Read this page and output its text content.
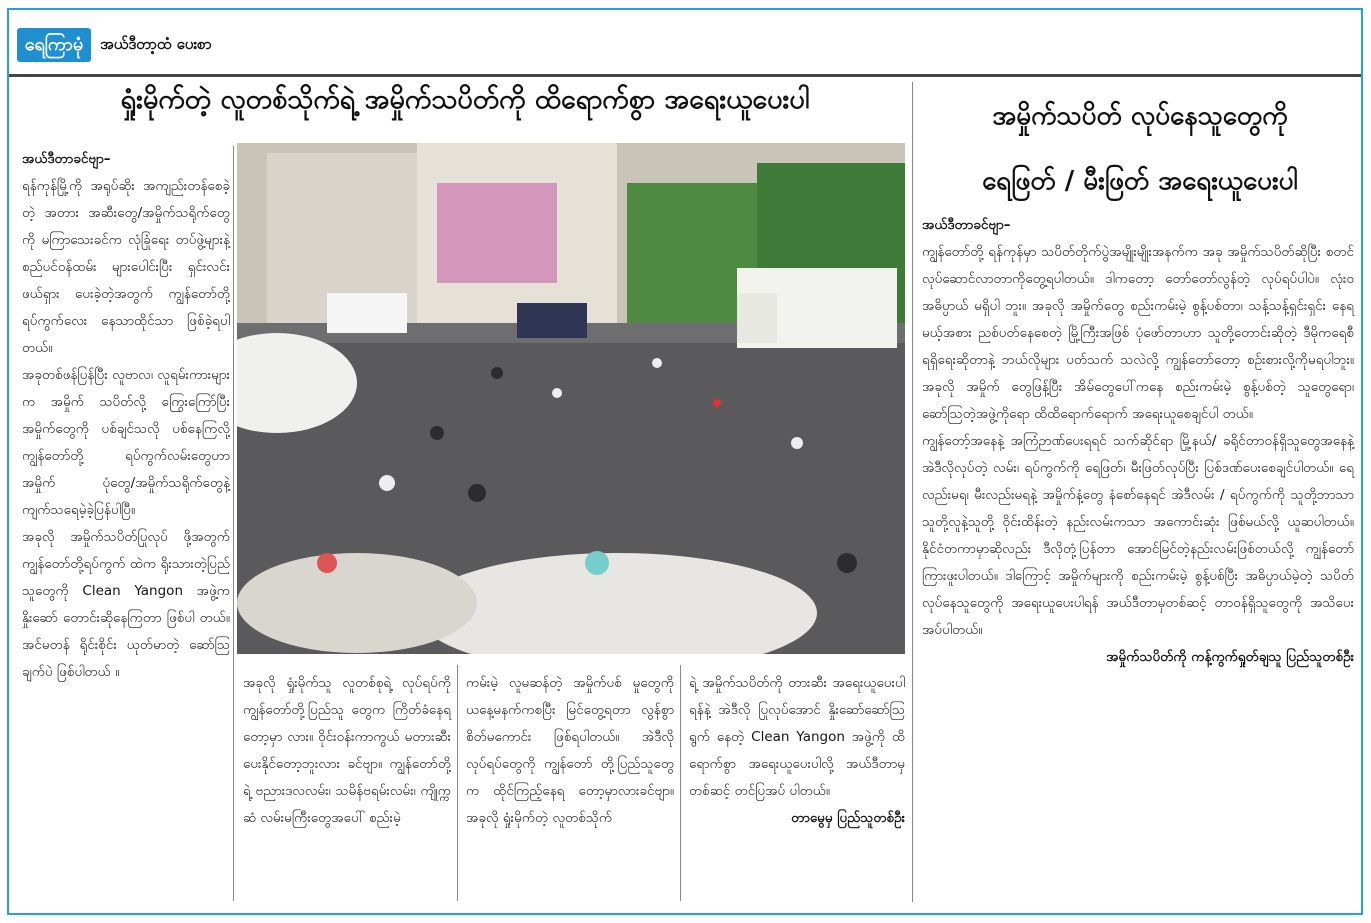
ရေကြာမုံ	အယ်ဒီတာ့ထံ ပေးစာ
ရှုံးမိုက်တဲ့ လူတစ်သိုက်ရဲ့ အမှိုက်သပိတ်ကို ထိရောက်စွာ အရေးယူပေးပါ

အယ်ဒီတာခင်ဗျာ–

ရန်ကုန်မြို့ကို အရုပ်ဆိုး အကျည်းတန်စေခဲ့တဲ့ အတား အဆီးတွေ/အမှိုက်သရိုက်တွေ ကို မကြာသေးခင်က လုံခြုံရေး တပ်ဖွဲ့များနဲ့ စည်ပင်ဝန်ထမ်း များပေါင်းပြီး ရှင်းလင်းဖယ်ရှား ပေးခဲ့တဲ့အတွက် ကျွန်တော်တို့ ရပ်ကွက်လေး နေသာထိုင်သာ ဖြစ်ခဲ့ရပါတယ်။

အခုတစ်ဖန်ပြန်ပြီး လူဗာလ၊ လူရမ်းကားများက အမှိုက် သပိတ်လို့ ကြွေးကြော်ပြီး အမှိုက်တွေကို ပစ်ချင်သလို ပစ်နေကြလို့ ကျွန်တော်တို့ ရပ်ကွက်လမ်းတွေဟာ အမှိုက် ပုံတွေ/အမှိုက်သရိုက်တွေနဲ့ ကျက်သရေမဲ့ခဲ့ပြန်ပါပြီ။

အခုလို အမှိုက်သပိတ်ပြုလုပ် ဖို့အတွက် ကျွန်တော်တို့ရပ်ကွက် ထဲက ရိုးသားတဲ့ပြည်သူတွေကို Clean Yangon အဖွဲ့က နှိုးဆော် တောင်းဆိုနေကြတာ ဖြစ်ပါ တယ်။ အင်မတန် ရိုင်းစိုင်း ယုတ်မာတဲ့ ဆော်ဩချက်ပဲ ဖြစ်ပါတယ် ။

အခုလို ရှုံးမိုက်သူ လူတစ်စုရဲ့ လုပ်ရပ်ကို ကျွန်တော်တို့ပြည်သူ တွေက ကြိတ်ခံနေရတော့မှာ လား။ ဝိုင်းဝန်းကာကွယ် မတားဆီး ပေးနိုင်တော့ဘူးလား ခင်ဗျာ။ ကျွန်တော်တို့ရဲ့ ဗညားဒလလမ်း၊ သမိန်ဗရမ်းလမ်း၊ ကျိုက္ကဆံ လမ်းမကြီးတွေအပေါ် စည်းမဲ့

ကမ်းမဲ့ လူမဆန်တဲ့ အမှိုက်ပစ် မှုတွေကို ယနေ့မနက်ကစပြီး မြင်တွေ့ရတာ လွန်စွာ စိတ်မကောင်း ဖြစ်ရပါတယ်။ အဲဒီလို လုပ်ရပ်တွေကို ကျွန်တော် တို့ပြည်သူတွေက ထိုင်ကြည့်နေရ တော့မှာလားခင်ဗျာ။ အခုလို ရှုံးမိုက်တဲ့ လူတစ်သိုက်

ရဲ့ အမှိုက်သပိတ်ကို တားဆီး အရေးယူပေးပါရန်နဲ့ အဲဒီလို ပြုလုပ်အောင် နှိုးဆော်ဆော်ဩရွက် နေတဲ့ Clean Yangon အဖွဲ့ကို ထိရောက်စွာ အရေးယူပေးပါလို့ အယ်ဒီတာမှတစ်ဆင့် တင်ပြအပ် ပါတယ်။

တာမွေမှ ပြည်သူတစ်ဦး

အမှိုက်သပိတ် လုပ်နေသူတွေကို
ရေဖြတ် / မီးဖြတ် အရေးယူပေးပါ

အယ်ဒီတာခင်ဗျာ–

ကျွန်တော်တို့ ရန်ကုန်မှာ သပိတ်တိုက်ပွဲအမျိုးမျိုးအနက်က အခု အမှိုက်သပိတ်ဆိုပြီး စတင်လုပ်ဆောင်လာတာကိုတွေ့ရပါတယ်။ ဒါကတော့ တော်တော်လွန်တဲ့ လုပ်ရပ်ပါပဲ။ လုံးဝအဓိပ္ပာယ် မရှိပါ ဘူး။ အခုလို အမှိုက်တွေ စည်းကမ်းမဲ့ စွန့်ပစ်တာ၊ သန့်သန့်ရှင်းရှင်း နေရမယ့်အစား ညစ်ပတ်နေစေတဲ့ မြို့ကြီးအဖြစ် ပုံဖော်တာဟာ သူတို့တောင်းဆိုတဲ့ ဒီမိုကရေစီရရှိရေးဆိုတာနဲ့ ဘယ်လိုများ ပတ်သက် သလဲလို့ ကျွန်တော်တော့ စဉ်းစားလို့ကိုမရပါဘူး။ အခုလို အမှိုက် တွေဖြန့်ပြီး အိမ်တွေပေါ်ကနေ စည်းကမ်းမဲ့ စွန့်ပစ်တဲ့ သူတွေရော၊ ဆော်ဩတဲ့အဖွဲ့ကိုရော ထိထိရောက်ရောက် အရေးယူစေချင်ပါ တယ်။

ကျွန်တော့်အနေနဲ့ အကြံဉာဏ်ပေးရရင် သက်ဆိုင်ရာ မြို့နယ်/ ခရိုင်တာဝန်ရှိသူတွေအနေနဲ့ အဲဒီလိုလုပ်တဲ့ လမ်း၊ ရပ်ကွက်ကို ရေဖြတ်၊ မီးဖြတ်လုပ်ပြီး ပြစ်ဒဏ်ပေးစေချင်ပါတယ်။ ရေလည်းမရ၊ မီးလည်းမရနဲ့ အမှိုက်နံ့တွေ နံစော်နေရင် အဲဒီလမ်း / ရပ်ကွက်ကို သူတို့ဘာသာ သူတို့လူနဲ့သူတို့ ဝိုင်းထိန်းတဲ့ နည်းလမ်းကသာ အကောင်းဆုံး ဖြစ်မယ်လို့ ယူဆပါတယ်။ နိုင်ငံတကာမှာဆိုလည်း ဒီလိုတုံ့ပြန်တာ အောင်မြင်တဲ့နည်းလမ်းဖြစ်တယ်လို့ ကျွန်တော် ကြားဖူးပါတယ်။ ဒါကြောင့် အမှိုက်များကို စည်းကမ်းမဲ့ စွန့်ပစ်ပြီး အဓိပ္ပာယ်မဲ့တဲ့ သပိတ်လုပ်နေသူတွေကို အရေးယူပေးပါရန် အယ်ဒီတာမှတစ်ဆင့် တာဝန်ရှိသူတွေကို အသိပေးအပ်ပါတယ်။

အမှိုက်သပိတ်ကို ကန့်ကွက်ရှုတ်ချသူ ပြည်သူတစ်ဦး
